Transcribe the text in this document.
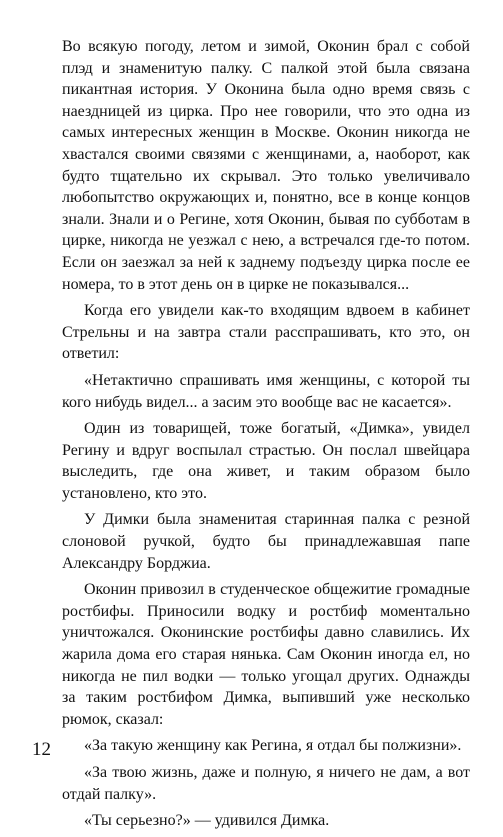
Во всякую погоду, летом и зимой, Оконин брал с собой плэд и знаменитую палку. С палкой этой была связана пикантная история. У Оконина была одно время связь с наездницей из цирка. Про нее говорили, что это одна из самых интересных женщин в Москве. Оконин никогда не хвастался своими связями с женщинами, а, наоборот, как будто тщательно их скрывал. Это только увеличивало любопытство окружающих и, понятно, все в конце концов знали. Знали и о Регине, хотя Оконин, бывая по субботам в цирке, никогда не уезжал с нею, а встречался где-то потом. Если он заезжал за ней к заднему подъезду цирка после ее номера, то в этот день он в цирке не показывался...

Когда его увидели как-то входящим вдвоем в кабинет Стрельны и на завтра стали расспрашивать, кто это, он ответил:

«Нетактично спрашивать имя женщины, с которой ты кого нибудь видел... а засим это вообще вас не касается».

Один из товарищей, тоже богатый, «Димка», увидел Регину и вдруг воспылал страстью. Он послал швейцара выследить, где она живет, и таким образом было установлено, кто это.

У Димки была знаменитая старинная палка с резной слоновой ручкой, будто бы принадлежавшая папе Александру Борджиа.

Оконин привозил в студенческое общежитие громадные ростбифы. Приносили водку и ростбиф моментально уничтожался. Оконинские ростбифы давно славились. Их жарила дома его старая нянька. Сам Оконин иногда ел, но никогда не пил водки — только угощал других. Однажды за таким ростбифом Димка, выпивший уже несколько рюмок, сказал:

«За такую женщину как Регина, я отдал бы полжизни».

«За твою жизнь, даже и полную, я ничего не дам, а вот отдай палку».

«Ты серьезно?» — удивился Димка.

12
